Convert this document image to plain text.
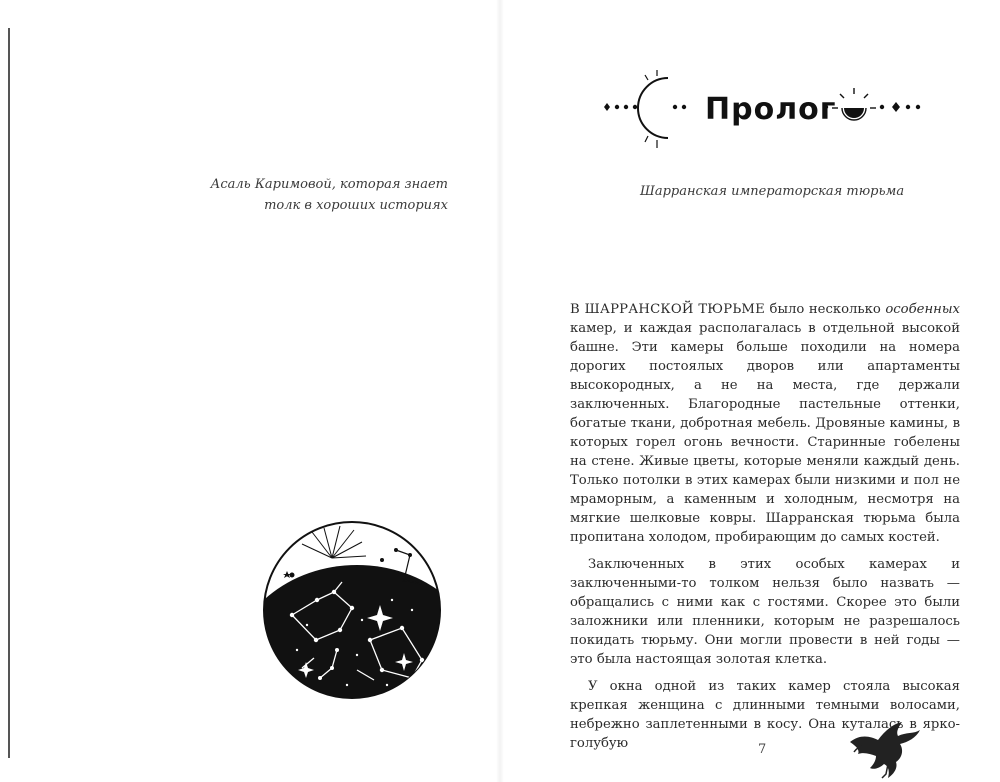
Асаль Каримовой, которая знает
толк в хороших историях
Пролог
Шарранская императорская тюрьма

В ШАРРАНСКОЙ ТЮРЬМЕ было несколько особенных камер, и каждая располагалась в отдельной высокой башне. Эти камеры больше походили на номера дорогих постоялых дворов или апартаменты высокородных, а не на места, где держали заключенных. Благородные пастельные оттенки, богатые ткани, добротная мебель. Дровяные камины, в которых горел огонь вечности. Старинные гобелены на стене. Живые цветы, которые меняли каждый день. Только потолки в этих камерах были низкими и пол не мраморным, а каменным и холодным, несмотря на мягкие шелковые ковры. Шарранская тюрьма была пропитана холодом, пробирающим до самых костей.

Заключенных в этих особых камерах и заключенными-то толком нельзя было назвать — обращались с ними как с гостями. Скорее это были заложники или пленники, которым не разрешалось покидать тюрьму. Они могли провести в ней годы — это была настоящая золотая клетка.

У окна одной из таких камер стояла высокая крепкая женщина с длинными темными волосами, небрежно заплетенными в косу. Она куталась в ярко-голубую	7
